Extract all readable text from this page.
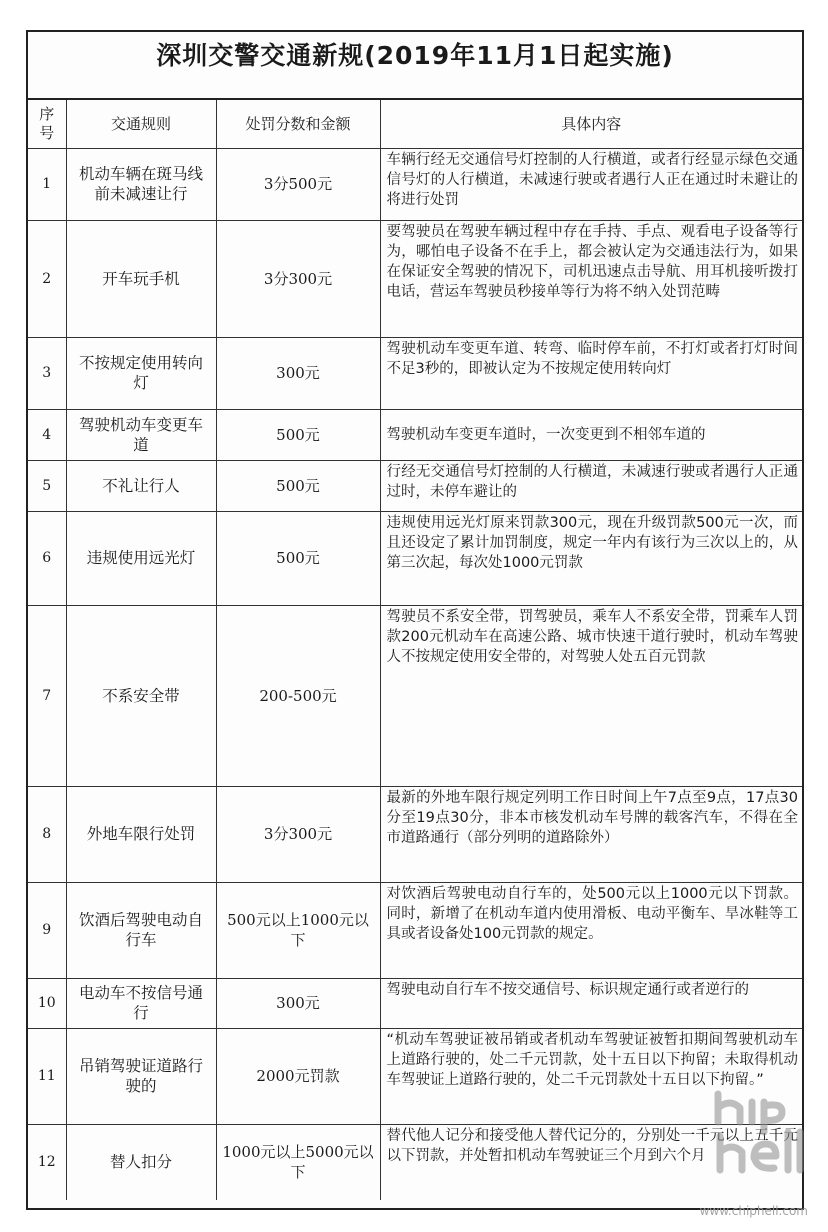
深圳交警交通新规(2019年11月1日起实施)
序号	交通规则	处罚分数和金额	具体内容
1	机动车辆在斑马线前未减速让行	3分500元	车辆行经无交通信号灯控制的人行横道，或者行经显示绿色交通信号灯的人行横道，未减速行驶或者遇行人正在通过时未避让的将进行处罚
2	开车玩手机	3分300元	要驾驶员在驾驶车辆过程中存在手持、手点、观看电子设备等行为，哪怕电子设备不在手上，都会被认定为交通违法行为，如果在保证安全驾驶的情况下，司机迅速点击导航、用耳机接听拨打电话，营运车驾驶员秒接单等行为将不纳入处罚范畴
3	不按规定使用转向灯	300元	驾驶机动车变更车道、转弯、临时停车前，不打灯或者打灯时间不足3秒的，即被认定为不按规定使用转向灯
4	驾驶机动车变更车道	500元	驾驶机动车变更车道时，一次变更到不相邻车道的
5	不礼让行人	500元	行经无交通信号灯控制的人行横道，未减速行驶或者遇行人正通过时，未停车避让的
6	违规使用远光灯	500元	违规使用远光灯原来罚款300元，现在升级罚款500元一次，而且还设定了累计加罚制度，规定一年内有该行为三次以上的，从第三次起，每次处1000元罚款
7	不系安全带	200-500元	驾驶员不系安全带，罚驾驶员，乘车人不系安全带，罚乘车人罚款200元机动车在高速公路、城市快速干道行驶时，机动车驾驶人不按规定使用安全带的，对驾驶人处五百元罚款
8	外地车限行处罚	3分300元	最新的外地车限行规定列明工作日时间上午7点至9点，17点30分至19点30分，非本市核发机动车号牌的载客汽车，不得在全市道路通行（部分列明的道路除外）
9	饮酒后驾驶电动自行车	500元以上1000元以下	对饮酒后驾驶电动自行车的，处500元以上1000元以下罚款。同时，新增了在机动车道内使用滑板、电动平衡车、旱冰鞋等工具或者设备处100元罚款的规定。
10	电动车不按信号通行	300元	驾驶电动自行车不按交通信号、标识规定通行或者逆行的
11	吊销驾驶证道路行驶的	2000元罚款	“机动车驾驶证被吊销或者机动车驾驶证被暂扣期间驾驶机动车上道路行驶的，处二千元罚款，处十五日以下拘留；未取得机动车驾驶证上道路行驶的，处二千元罚款处十五日以下拘留。”
12	替人扣分	1000元以上5000元以下	替代他人记分和接受他人替代记分的，分别处一千元以上五千元以下罚款，并处暂扣机动车驾驶证三个月到六个月
www.chiphell.com
